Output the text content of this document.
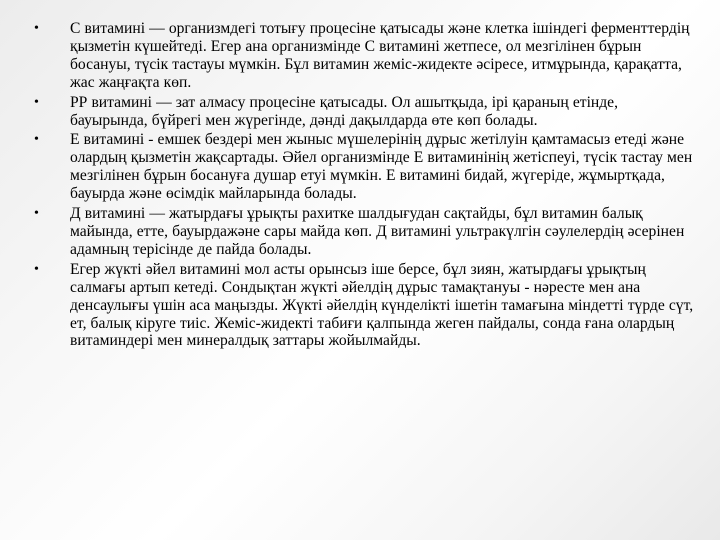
• С витамині — организмдегі тотығу процесіне қатысады және клетка ішіндегі ферменттердің қызметін күшейтеді. Егер ана организмінде С витамині жетпесе, ол мезгілінен бұрын босануы, түсік тастауы мүмкін. Бұл витамин жеміс-жидекте әсіресе, итмұрында, қарақатта, жас жаңғақта көп.
• РР витамині — зат алмасу процесіне қатысады. Ол ашытқыда, ірі қараның етінде, бауырында, бүйрегі мен жүрегінде, дәнді дақылдарда өте көп болады.
• Е витамині - емшек бездері мен жыныс мүшелерінің дұрыс жетілуін қамтамасыз етеді және олардың қызметін жақсартады. Әйел организмінде Е витаминінің жетіспеуі, түсік тастау мен мезгілінен бұрын босануға душар етуі мүмкін. Е витамині бидай, жүгеріде, жұмыртқада, бауырда және өсімдік майларында болады.
• Д витамині — жатырдағы ұрықты рахитке шалдығудан сақтайды, бұл витамин балық майында, етте, бауырдажәне сары майда көп. Д витамині ультракүлгін сәулелердің әсерінен адамның терісінде де пайда болады.
• Егер жүкті әйел витамині мол асты орынсыз іше берсе, бұл зиян, жатырдағы ұрықтың салмағы артып кетеді. Сондықтан жүкті әйелдің дұрыс тамақтануы - нәресте мен ана денсаулығы үшін аса маңызды. Жүкті әйелдің күнделікті ішетін тамағына міндетті түрде сүт, ет, балық кіруге тиіс. Жеміс-жидекті табиғи қалпында жеген пайдалы, сонда ғана олардың витаминдері мен минералдық заттары жойылмайды.
